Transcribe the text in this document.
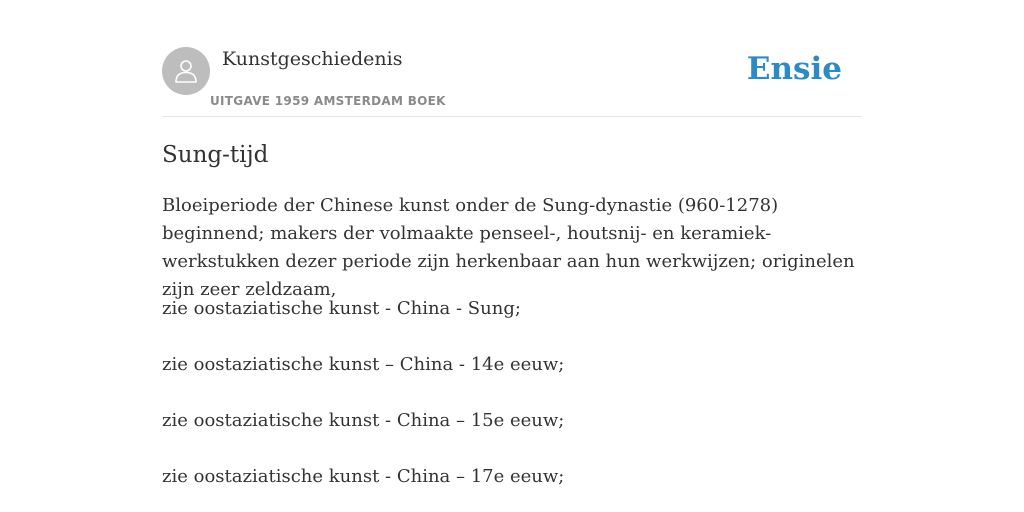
Kunstgeschiedenis
UITGAVE 1959 AMSTERDAM BOEK
Ensie
Sung-tijd
Bloeiperiode der Chinese kunst onder de Sung-dynastie (960-1278) beginnend; makers der volmaakte penseel-, houtsnij- en keramiek-werkstukken dezer periode zijn herkenbaar aan hun werkwijzen; originelen zijn zeer zeldzaam,
zie oostaziatische kunst - China - Sung;
zie oostaziatische kunst – China - 14e eeuw;
zie oostaziatische kunst - China – 15e eeuw;
zie oostaziatische kunst - China – 17e eeuw;
